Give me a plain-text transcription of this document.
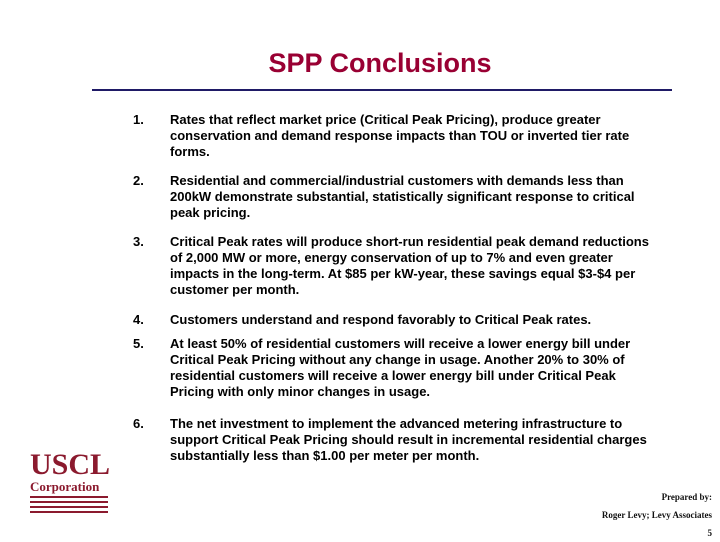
SPP Conclusions
1.	Rates that reflect market price (Critical Peak Pricing), produce greater conservation and demand response impacts than TOU or inverted tier rate forms.
2.	Residential and commercial/industrial customers with demands less than 200kW demonstrate substantial, statistically significant response to critical peak pricing.
3.	Critical Peak rates will produce short-run residential peak demand reductions of 2,000 MW or more, energy conservation of up to 7% and even greater impacts in the long-term. At $85 per kW-year, these savings equal $3-$4 per customer per month.
4.	Customers understand and respond favorably to Critical Peak rates.
5.	At least 50% of residential customers will receive a lower energy bill under Critical Peak Pricing without any change in usage. Another 20% to 30% of residential customers will receive a lower energy bill under Critical Peak Pricing with only minor changes in usage.
6.	The net investment to implement the advanced metering infrastructure to support Critical Peak Pricing should result in incremental residential charges substantially less than $1.00 per meter per month.
USCL
Corporation
Prepared by:
Roger Levy; Levy Associates
5
